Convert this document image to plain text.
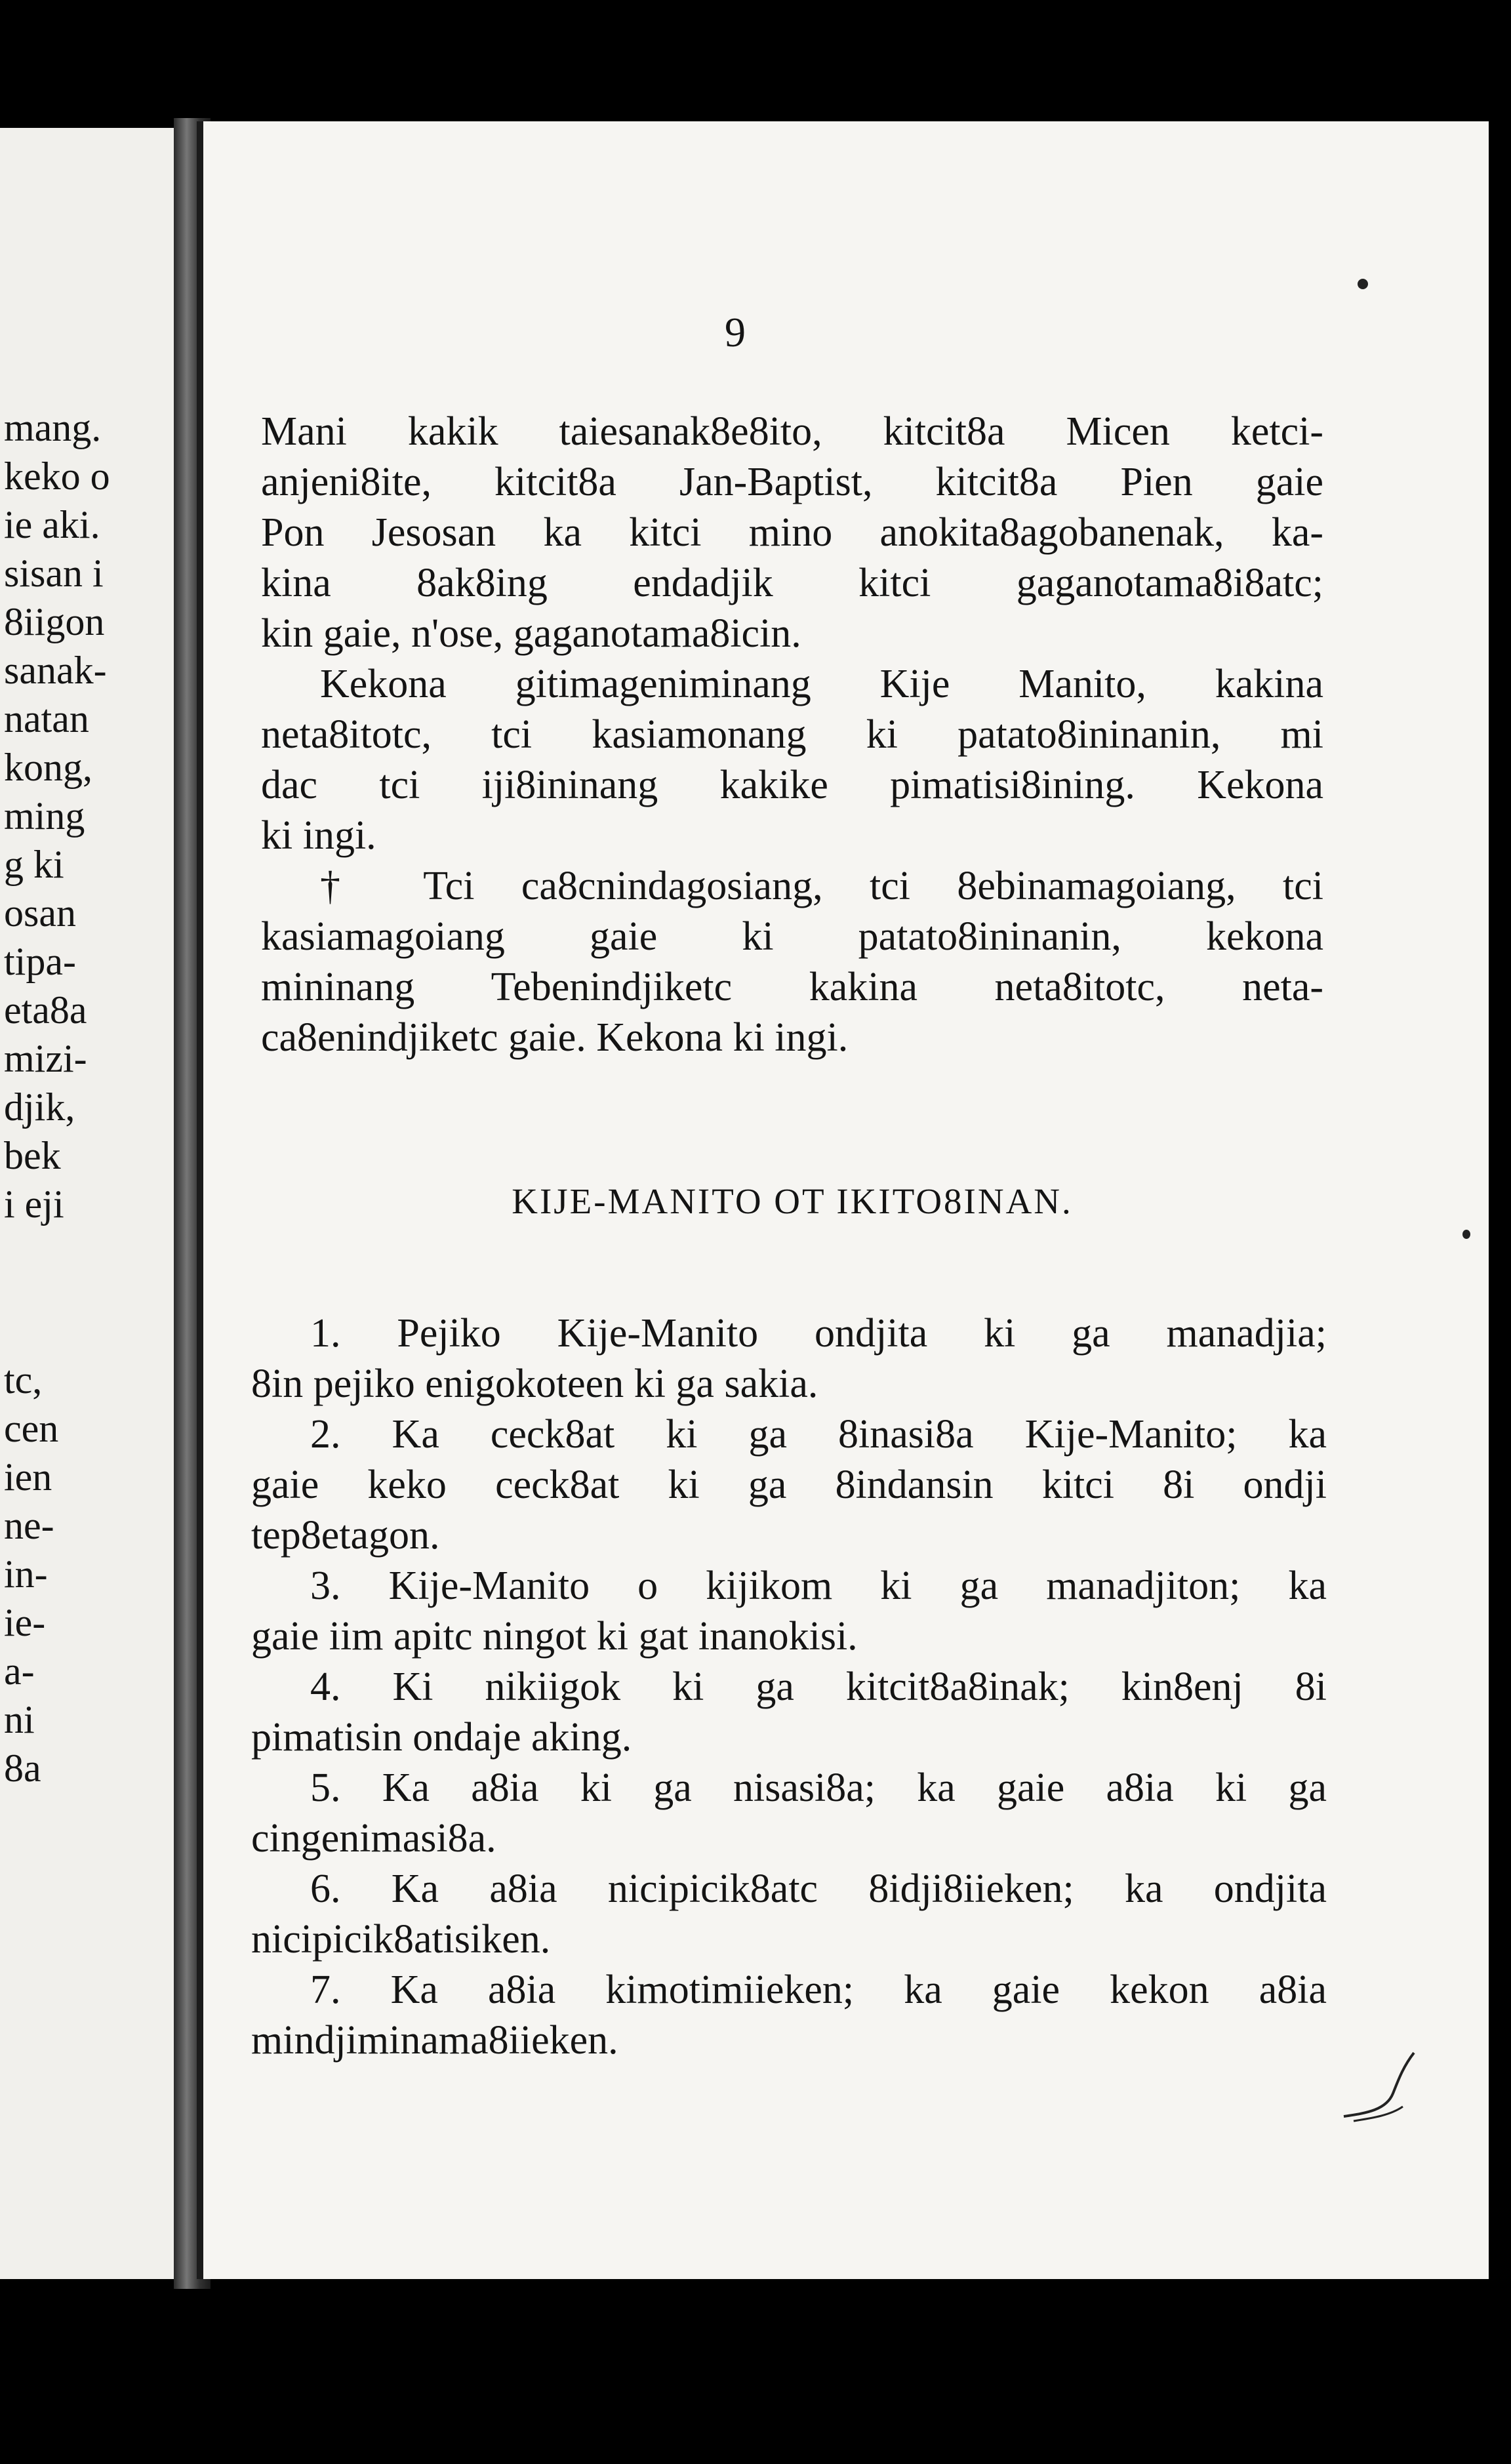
mang.
keko o
ie aki.
sisan i
8iigon
sanak-
natan
kong,
ming
g ki
osan
tipa-
eta8a
mizi-
djik,
bek
i eji
tc,
cen
ien
ne-
in-
ie-
a-
ni
8a
9
Mani kakik taiesanak8e8ito, kitcit8a Micen ketci-
anjeni8ite, kitcit8a Jan-Baptist, kitcit8a Pien gaie
Pon Jesosan ka kitci mino anokita8agobanenak, ka-
kina 8ak8ing endadjik kitci gaganotama8i8atc;
kin gaie, n'ose, gaganotama8icin.
Kekona gitimageniminang Kije Manito, kakina
neta8itotc, tci kasiamonang ki patato8ininanin, mi
dac tci iji8ininang kakike pimatisi8ining. Kekona
ki ingi.
† Tci ca8cnindagosiang, tci 8ebinamagoiang, tci
kasiamagoiang gaie ki patato8ininanin, kekona
mininang Tebenindjiketc kakina neta8itotc, neta-
ca8enindjiketc gaie. Kekona ki ingi.
KIJE-MANITO OT IKITO8INAN.
1. Pejiko Kije-Manito ondjita ki ga manadjia;
8in pejiko enigokoteen ki ga sakia.
2. Ka ceck8at ki ga 8inasi8a Kije-Manito; ka
gaie keko ceck8at ki ga 8indansin kitci 8i ondji
tep8etagon.
3. Kije-Manito o kijikom ki ga manadjiton; ka
gaie iim apitc ningot ki gat inanokisi.
4. Ki nikiigok ki ga kitcit8a8inak; kin8enj 8i
pimatisin ondaje aking.
5. Ka a8ia ki ga nisasi8a; ka gaie a8ia ki ga
cingenimasi8a.
6. Ka a8ia nicipicik8atc 8idji8iieken; ka ondjita
nicipicik8atisiken.
7. Ka a8ia kimotimiieken; ka gaie kekon a8ia
mindjiminama8iieken.
